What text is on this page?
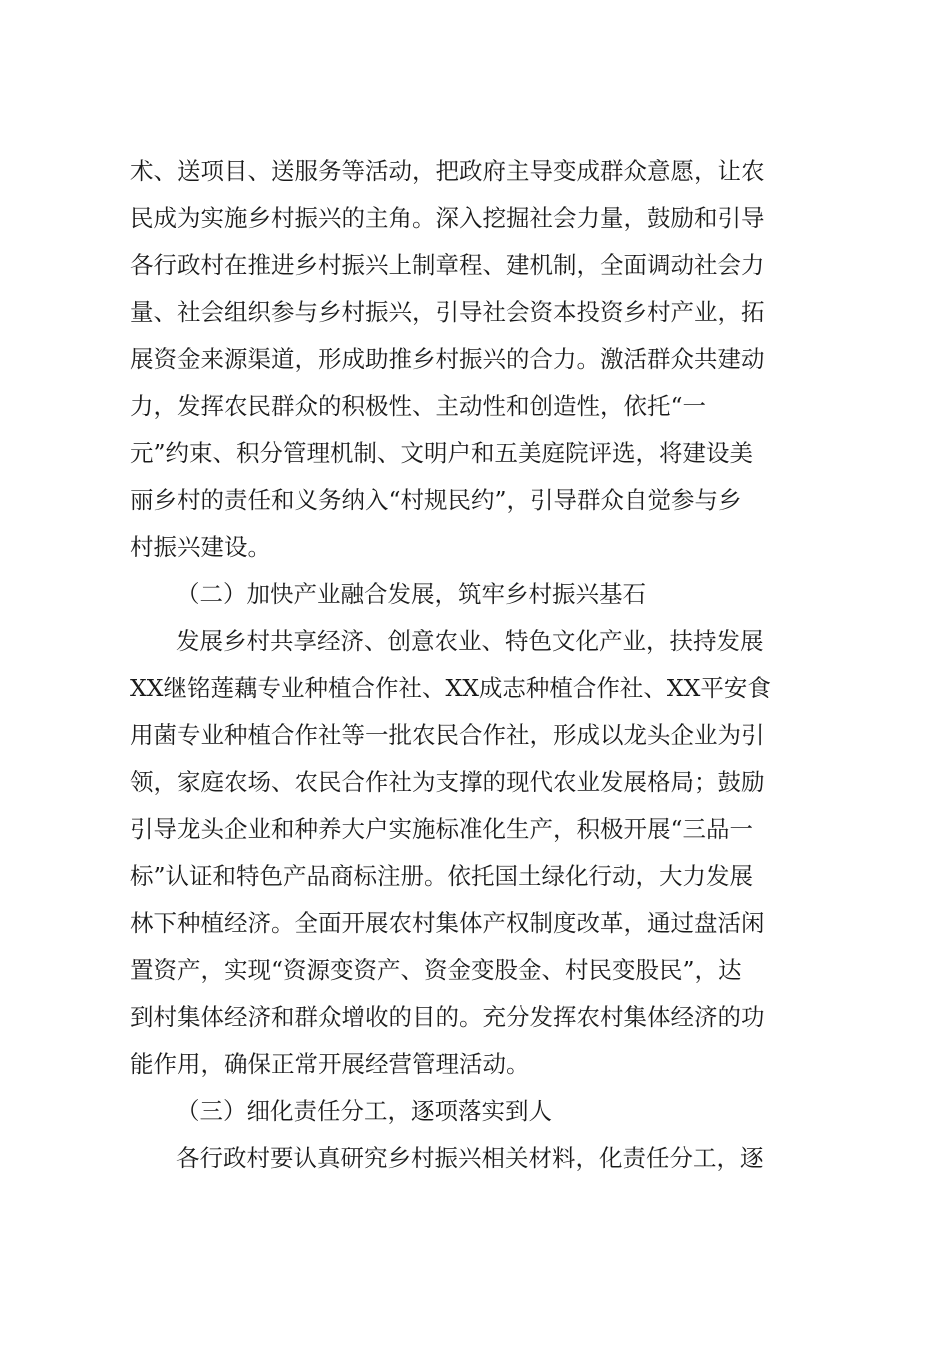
术、送项目、送服务等活动，把政府主导变成群众意愿，让农

民成为实施乡村振兴的主角。深入挖掘社会力量，鼓励和引导

各行政村在推进乡村振兴上制章程、建机制，全面调动社会力

量、社会组织参与乡村振兴，引导社会资本投资乡村产业，拓

展资金来源渠道，形成助推乡村振兴的合力。激活群众共建动

力，发挥农民群众的积极性、主动性和创造性，依托“一

元”约束、积分管理机制、文明户和五美庭院评选，将建设美

丽乡村的责任和义务纳入“村规民约”，引导群众自觉参与乡

村振兴建设。

（二）加快产业融合发展，筑牢乡村振兴基石

发展乡村共享经济、创意农业、特色文化产业，扶持发展

XX继铭莲藕专业种植合作社、XX成志种植合作社、XX平安食

用菌专业种植合作社等一批农民合作社，形成以龙头企业为引

领，家庭农场、农民合作社为支撑的现代农业发展格局；鼓励

引导龙头企业和种养大户实施标准化生产，积极开展“三品一

标”认证和特色产品商标注册。依托国土绿化行动，大力发展

林下种植经济。全面开展农村集体产权制度改革，通过盘活闲

置资产，实现“资源变资产、资金变股金、村民变股民”，达

到村集体经济和群众增收的目的。充分发挥农村集体经济的功

能作用，确保正常开展经营管理活动。

（三）细化责任分工，逐项落实到人

各行政村要认真研究乡村振兴相关材料，化责任分工，逐
